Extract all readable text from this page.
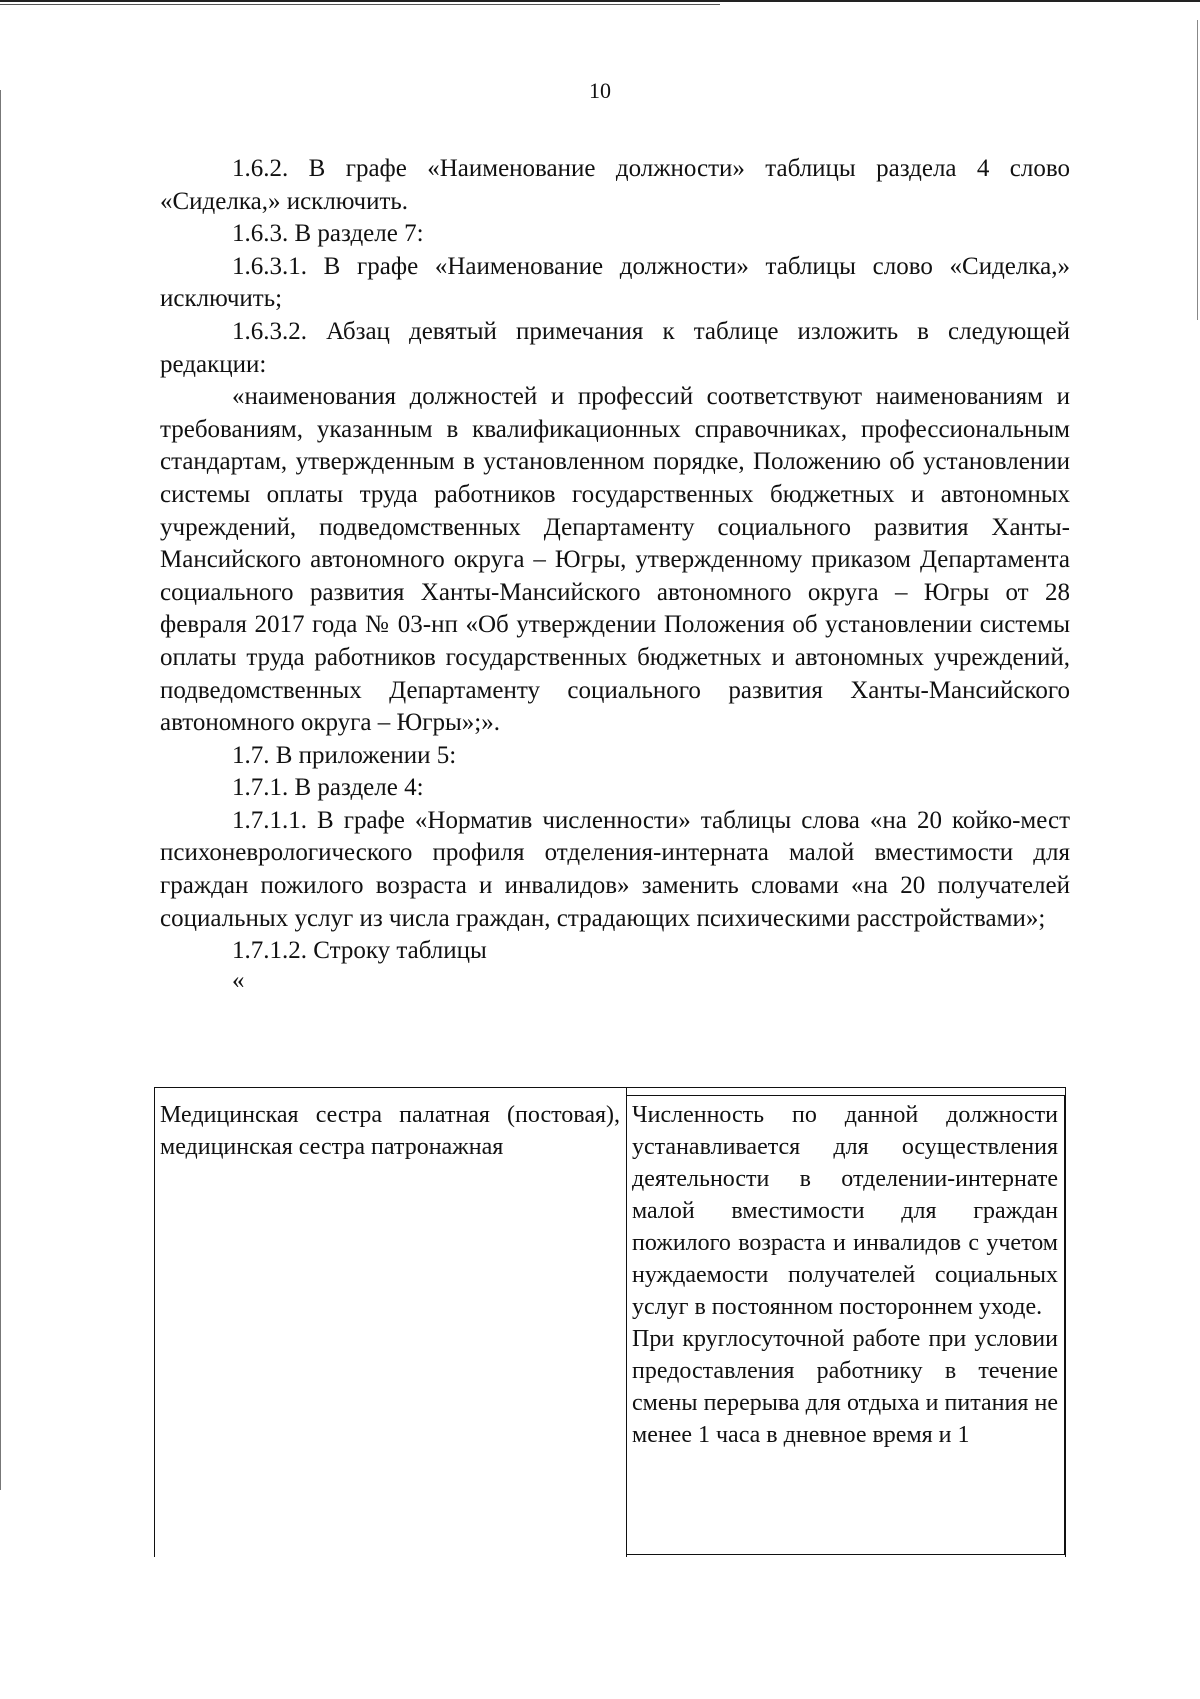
10

1.6.2. В графе «Наименование должности» таблицы раздела 4 слово «Сиделка,» исключить.

1.6.3. В разделе 7:

1.6.3.1. В графе «Наименование должности» таблицы слово «Сиделка,» исключить;

1.6.3.2. Абзац девятый примечания к таблице изложить в следующей редакции:

«наименования должностей и профессий соответствуют наименованиям и требованиям, указанным в квалификационных справочниках, профессиональным стандартам, утвержденным в установленном порядке, Положению об установлении системы оплаты труда работников государственных бюджетных и автономных учреждений, подведомственных Департаменту социального развития Ханты-Мансийского автономного округа – Югры, утвержденному приказом Департамента социального развития Ханты-Мансийского автономного округа – Югры от 28 февраля 2017 года № 03-нп «Об утверждении Положения об установлении системы оплаты труда работников государственных бюджетных и автономных учреждений, подведомственных Департаменту социального развития Ханты-Мансийского автономного округа – Югры»;».

1.7. В приложении 5:

1.7.1. В разделе 4:

1.7.1.1. В графе «Норматив численности» таблицы слова «на 20 койко-мест психоневрологического профиля отделения-интерната малой вместимости для граждан пожилого возраста и инвалидов» заменить словами «на 20 получателей социальных услуг из числа граждан, страдающих психическими расстройствами»;

1.7.1.2. Строку таблицы

«

Медицинская сестра палатная (постовая), медицинская сестра патронажная

Численность по данной должности устанавливается для осуществления деятельности в отделении-интернате малой вместимости для граждан пожилого возраста и инвалидов с учетом нуждаемости получателей социальных услуг в постоянном постороннем уходе.

При круглосуточной работе при условии предоставления работнику в течение смены перерыва для отдыха и питания не менее 1 часа в дневное время и 1
